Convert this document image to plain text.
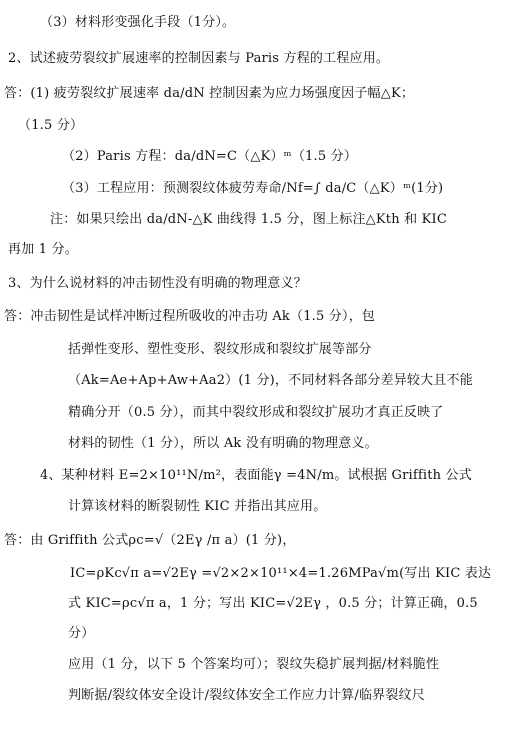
（3）材料形变强化手段（1分）。
2、试述疲劳裂纹扩展速率的控制因素与 Paris 方程的工程应用。
答：(1) 疲劳裂纹扩展速率 da/dN 控制因素为应力场强度因子幅△K；
（1.5 分）
（2）Paris 方程：da/dN=C（△K）ᵐ（1.5 分）
（3）工程应用：预测裂纹体疲劳寿命/Nf=∫ da/C（△K）ᵐ(1分)
注：如果只绘出 da/dN-△K 曲线得 1.5 分，图上标注△Kth 和 KIC
再加 1 分。
3、为什么说材料的冲击韧性没有明确的物理意义？
答：冲击韧性是试样冲断过程所吸收的冲击功 Ak（1.5 分），包
括弹性变形、塑性变形、裂纹形成和裂纹扩展等部分
（Ak=Ae+Ap+Aw+Aa2）(1 分)，不同材料各部分差异较大且不能
精确分开（0.5 分），而其中裂纹形成和裂纹扩展功才真正反映了
材料的韧性（1 分），所以 Ak 没有明确的物理意义。
4、某种材料 E=2×10¹¹N/m²，表面能γ =4N/m。试根据 Griffith 公式
计算该材料的断裂韧性 KIC 并指出其应用。
答：由 Griffith 公式ρc=√（2Eγ /π a）(1 分)，
IC=ρKc√π a=√2Eγ =√2×2×10¹¹×4=1.26MPa√m(写出 KIC 表达
式 KIC=ρc√π a，1 分；写出 KIC=√2Eγ ，0.5 分；计算正确，0.5
分）
应用（1 分，以下 5 个答案均可）；裂纹失稳扩展判据/材料脆性
判断据/裂纹体安全设计/裂纹体安全工作应力计算/临界裂纹尺
